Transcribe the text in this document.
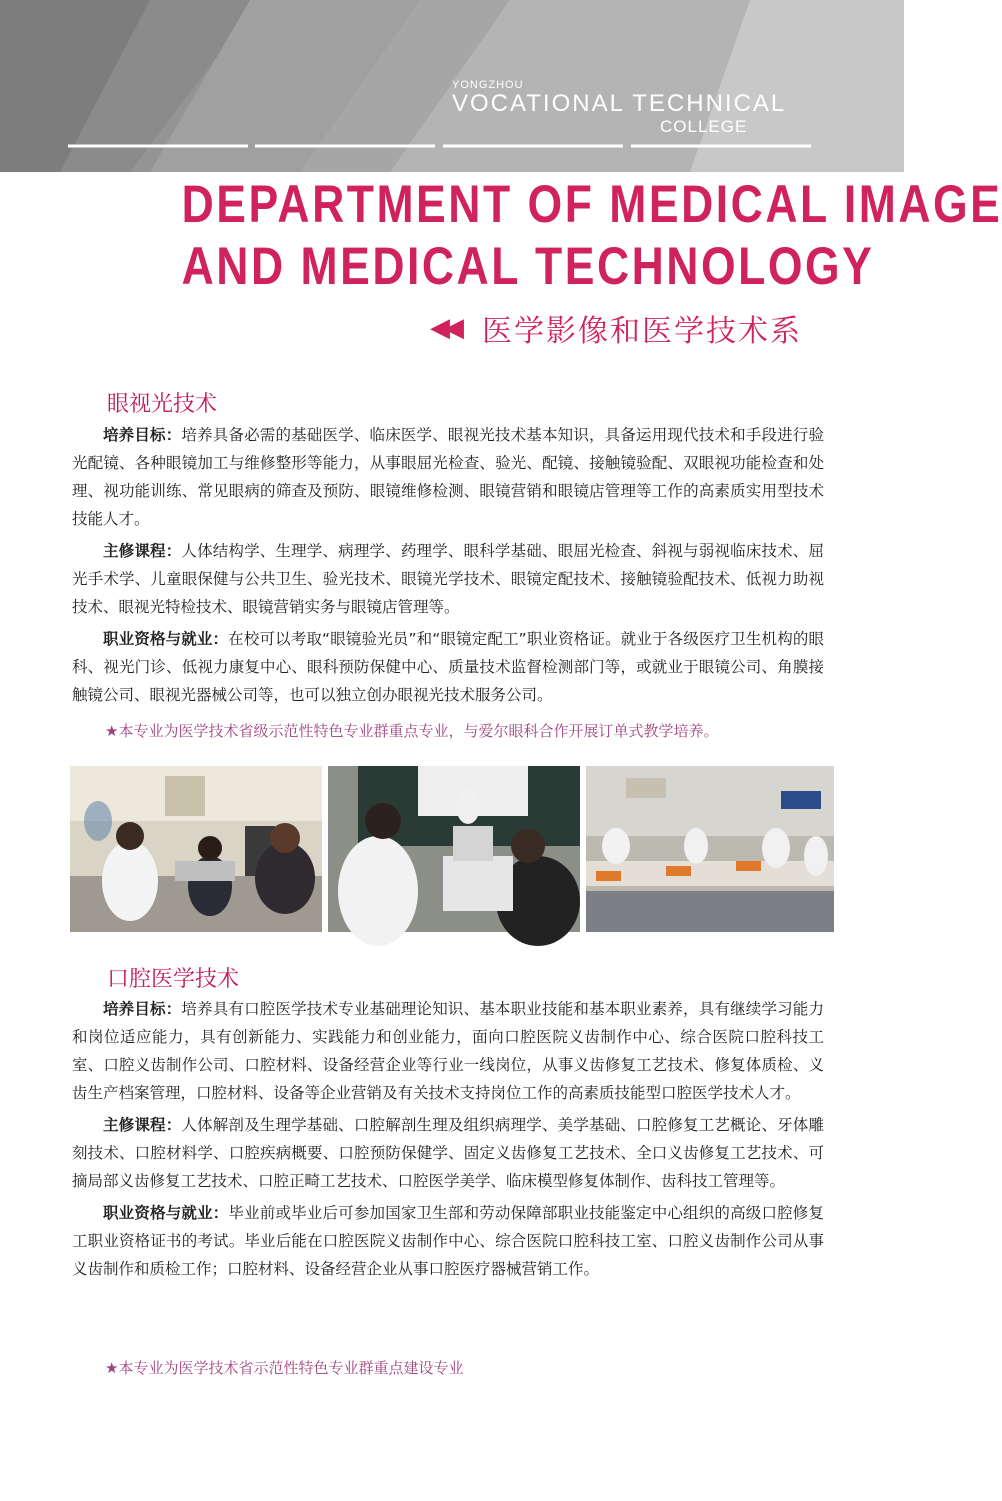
YONGZHOU
VOCATIONAL TECHNICAL
COLLEGE
DEPARTMENT OF MEDICAL IMAGE
AND MEDICAL TECHNOLOGY
◀◀ 医学影像和医学技术系
眼视光技术

培养目标：培养具备必需的基础医学、临床医学、眼视光技术基本知识，具备运用现代技术和手段进行验光配镜、各种眼镜加工与维修整形等能力，从事眼屈光检查、验光、配镜、接触镜验配、双眼视功能检查和处理、视功能训练、常见眼病的筛查及预防、眼镜维修检测、眼镜营销和眼镜店管理等工作的高素质实用型技术技能人才。

主修课程：人体结构学、生理学、病理学、药理学、眼科学基础、眼屈光检查、斜视与弱视临床技术、屈光手术学、儿童眼保健与公共卫生、验光技术、眼镜光学技术、眼镜定配技术、接触镜验配技术、低视力助视技术、眼视光特检技术、眼镜营销实务与眼镜店管理等。

职业资格与就业：在校可以考取“眼镜验光员”和“眼镜定配工”职业资格证。就业于各级医疗卫生机构的眼科、视光门诊、低视力康复中心、眼科预防保健中心、质量技术监督检测部门等，或就业于眼镜公司、角膜接触镜公司、眼视光器械公司等，也可以独立创办眼视光技术服务公司。

★本专业为医学技术省级示范性特色专业群重点专业，与爱尔眼科合作开展订单式教学培养。
口腔医学技术

培养目标：培养具有口腔医学技术专业基础理论知识、基本职业技能和基本职业素养，具有继续学习能力和岗位适应能力，具有创新能力、实践能力和创业能力，面向口腔医院义齿制作中心、综合医院口腔科技工室、口腔义齿制作公司、口腔材料、设备经营企业等行业一线岗位，从事义齿修复工艺技术、修复体质检、义齿生产档案管理，口腔材料、设备等企业营销及有关技术支持岗位工作的高素质技能型口腔医学技术人才。

主修课程：人体解剖及生理学基础、口腔解剖生理及组织病理学、美学基础、口腔修复工艺概论、牙体雕刻技术、口腔材料学、口腔疾病概要、口腔预防保健学、固定义齿修复工艺技术、全口义齿修复工艺技术、可摘局部义齿修复工艺技术、口腔正畸工艺技术、口腔医学美学、临床模型修复体制作、齿科技工管理等。

职业资格与就业：毕业前或毕业后可参加国家卫生部和劳动保障部职业技能鉴定中心组织的高级口腔修复工职业资格证书的考试。毕业后能在口腔医院义齿制作中心、综合医院口腔科技工室、口腔义齿制作公司从事义齿制作和质检工作；口腔材料、设备经营企业从事口腔医疗器械营销工作。

★本专业为医学技术省示范性特色专业群重点建设专业
